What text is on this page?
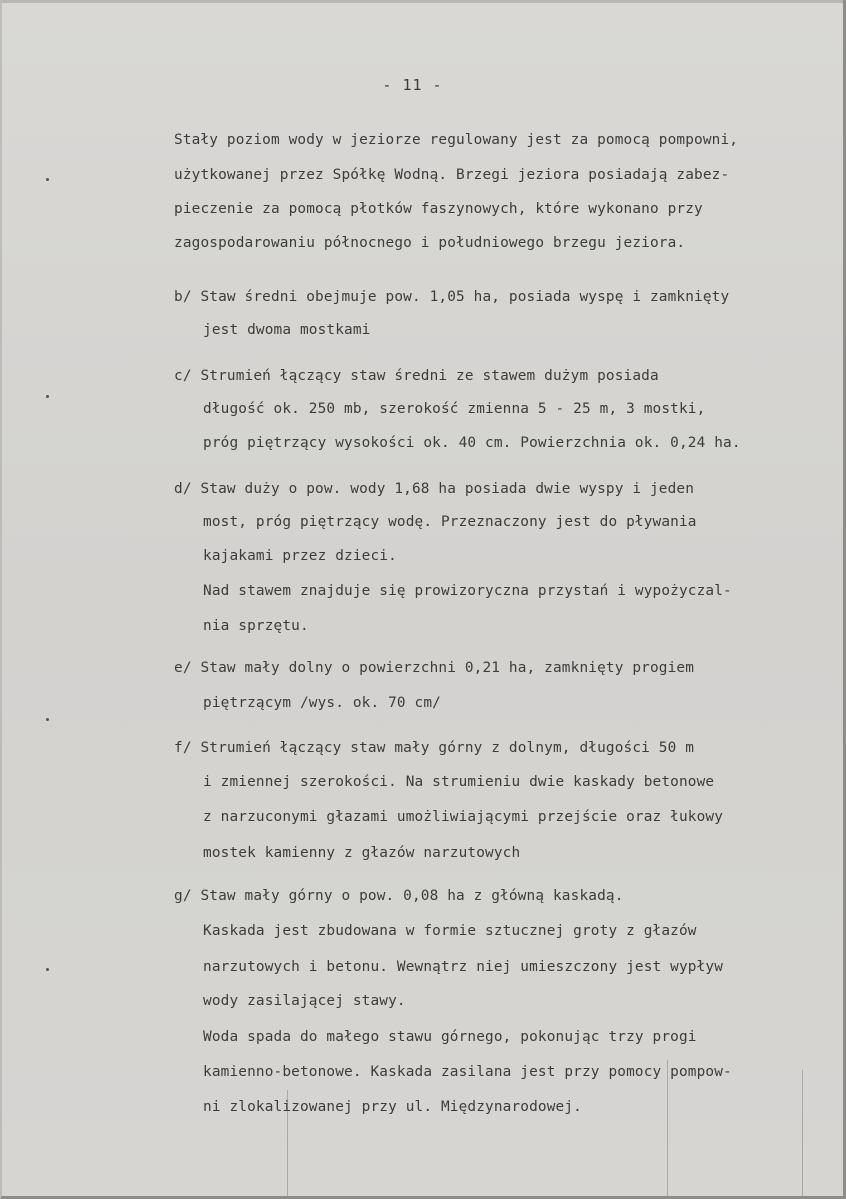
- 11 -
Stały poziom wody w jeziorze regulowany jest za pomocą pompowni,
użytkowanej przez Spółkę Wodną. Brzegi jeziora posiadają zabez-
pieczenie za pomocą płotków faszynowych, które wykonano przy
zagospodarowaniu północnego i południowego brzegu jeziora.
b/ Staw średni obejmuje pow. 1,05 ha, posiada wyspę i zamknięty
jest dwoma mostkami
c/ Strumień łączący staw średni ze stawem dużym posiada
długość ok. 250 mb, szerokość zmienna 5 - 25 m, 3 mostki,
próg piętrzący wysokości ok. 40 cm. Powierzchnia ok. 0,24 ha.
d/ Staw duży o pow. wody 1,68 ha posiada dwie wyspy i jeden
most, próg piętrzący wodę. Przeznaczony jest do pływania
kajakami przez dzieci.
Nad stawem znajduje się prowizoryczna przystań i wypożyczal-
nia sprzętu.
e/ Staw mały dolny o powierzchni 0,21 ha, zamknięty progiem
piętrzącym /wys. ok. 70 cm/
f/ Strumień łączący staw mały górny z dolnym, długości 50 m
i zmiennej szerokości. Na strumieniu dwie kaskady betonowe
z narzuconymi głazami umożliwiającymi przejście oraz łukowy
mostek kamienny z głazów narzutowych
g/ Staw mały górny o pow. 0,08 ha z główną kaskadą.
Kaskada jest zbudowana w formie sztucznej groty z głazów
narzutowych i betonu. Wewnątrz niej umieszczony jest wypływ
wody zasilającej stawy.
Woda spada do małego stawu górnego, pokonując trzy progi
kamienno-betonowe. Kaskada zasilana jest przy pomocy pompow-
ni zlokalizowanej przy ul. Międzynarodowej.
